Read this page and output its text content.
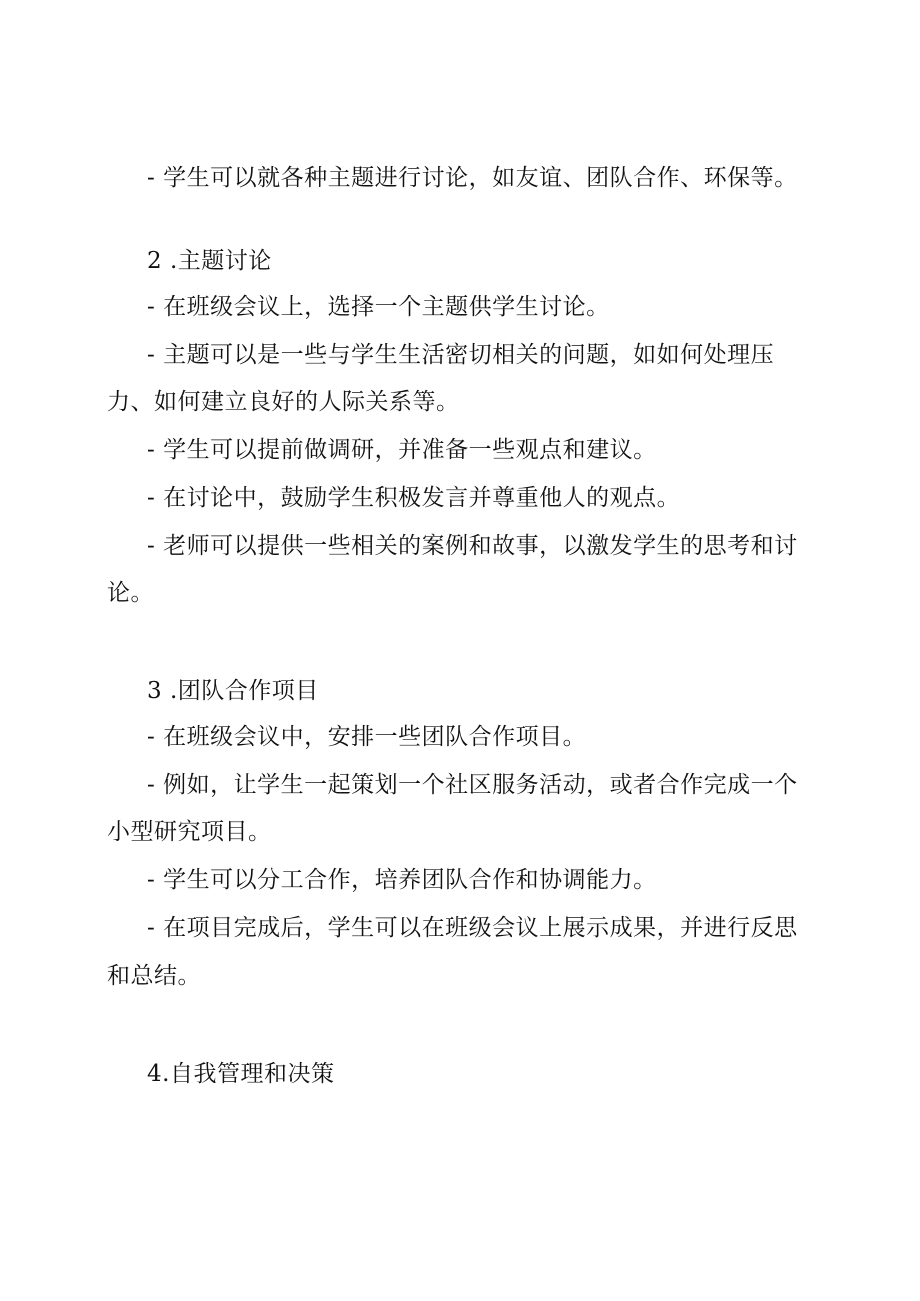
- 学生可以就各种主题进行讨论，如友谊、团队合作、环保等。
2 .主题讨论
- 在班级会议上，选择一个主题供学生讨论。
- 主题可以是一些与学生生活密切相关的问题，如如何处理压
力、如何建立良好的人际关系等。
- 学生可以提前做调研，并准备一些观点和建议。
- 在讨论中，鼓励学生积极发言并尊重他人的观点。
- 老师可以提供一些相关的案例和故事，以激发学生的思考和讨
论。
3 .团队合作项目
- 在班级会议中，安排一些团队合作项目。
- 例如，让学生一起策划一个社区服务活动，或者合作完成一个
小型研究项目。
- 学生可以分工合作，培养团队合作和协调能力。
- 在项目完成后，学生可以在班级会议上展示成果，并进行反思
和总结。
4.自我管理和决策
